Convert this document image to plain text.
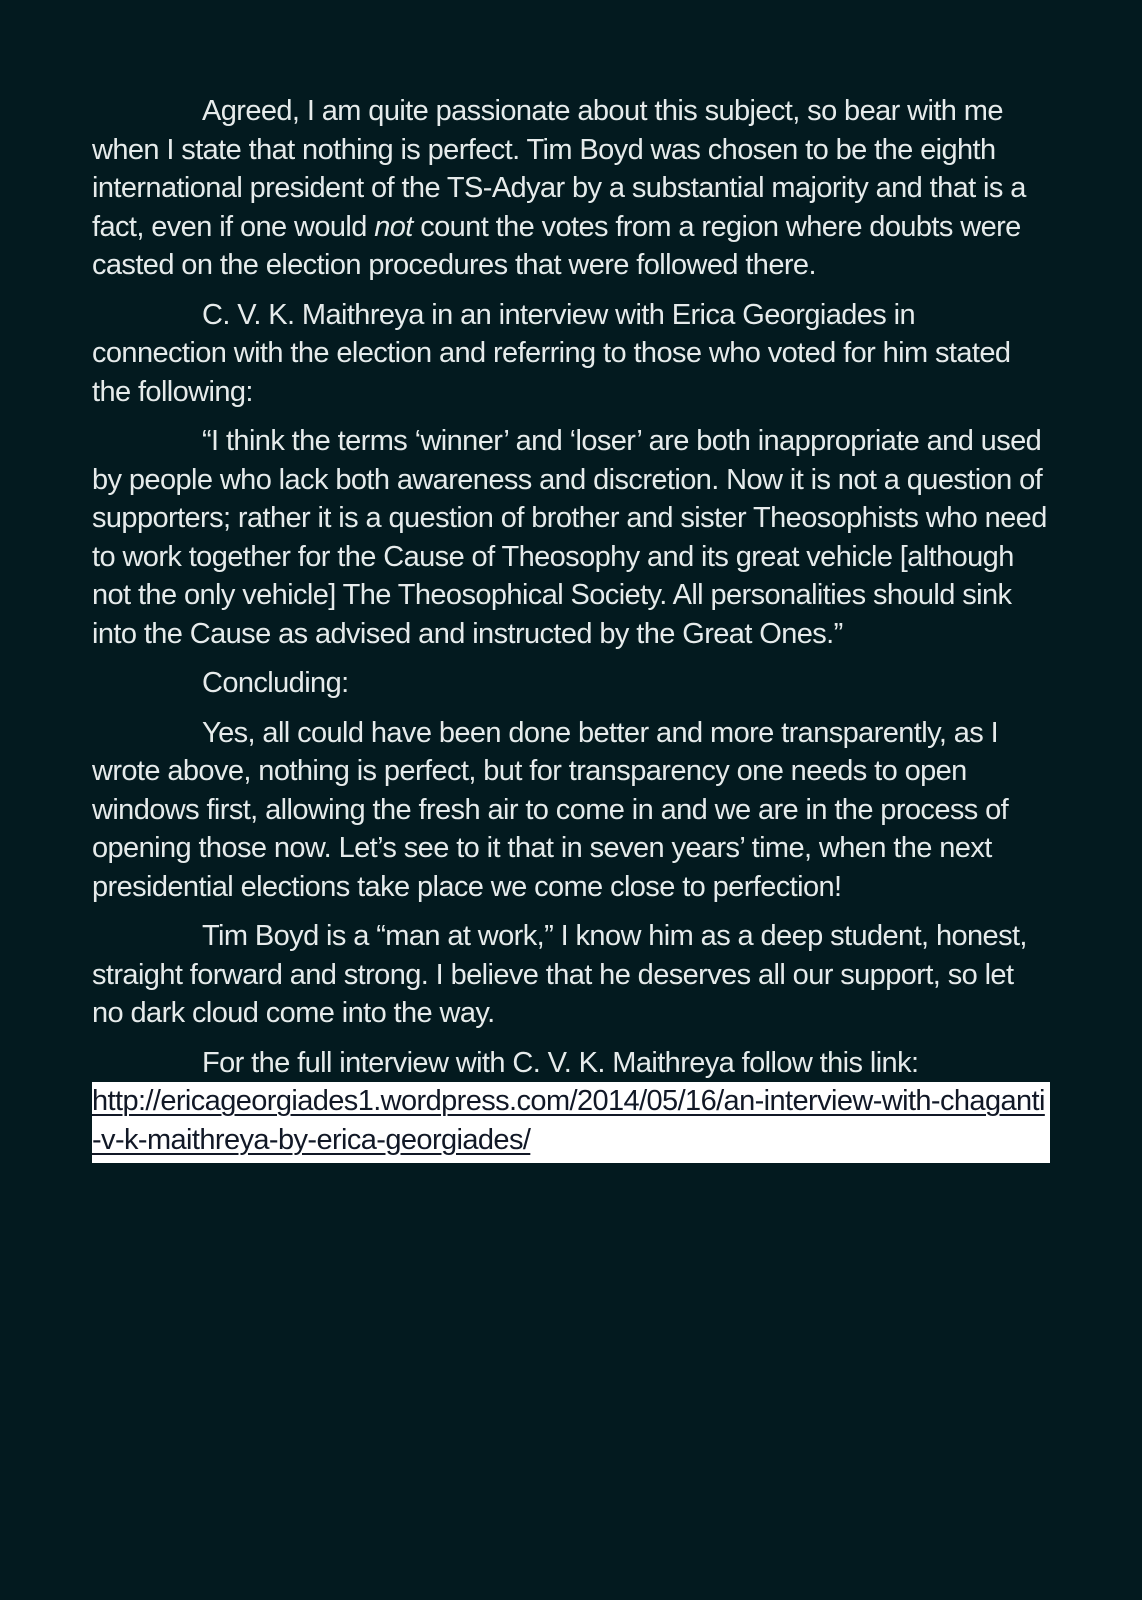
Agreed, I am quite passionate about this subject, so bear with me when I state that nothing is perfect. Tim Boyd was chosen to be the eighth international president of the TS-Adyar by a substantial majority and that is a fact, even if one would not count the votes from a region where doubts were casted on the election procedures that were followed there.

C. V. K. Maithreya in an interview with Erica Georgiades in connection with the election and referring to those who voted for him stated the following:

“I think the terms ‘winner’ and ‘loser’ are both inappropriate and used by people who lack both awareness and discretion. Now it is not a question of supporters; rather it is a question of brother and sister Theosophists who need to work together for the Cause of Theosophy and its great vehicle [although not the only vehicle] The Theosophical Society. All personalities should sink into the Cause as advised and instructed by the Great Ones.”

Concluding:

Yes, all could have been done better and more transparently, as I wrote above, nothing is perfect, but for transparency one needs to open windows first, allowing the fresh air to come in and we are in the process of opening those now. Let’s see to it that in seven years’ time, when the next presidential elections take place we come close to perfection!

Tim Boyd is a “man at work,” I know him as a deep student, honest, straight forward and strong. I believe that he deserves all our support, so let no dark cloud come into the way.

For the full interview with C. V. K. Maithreya follow this link:

http://ericageorgiades1.wordpress.com/2014/05/16/an-interview-with-chaganti-v-k-maithreya-by-erica-georgiades/
